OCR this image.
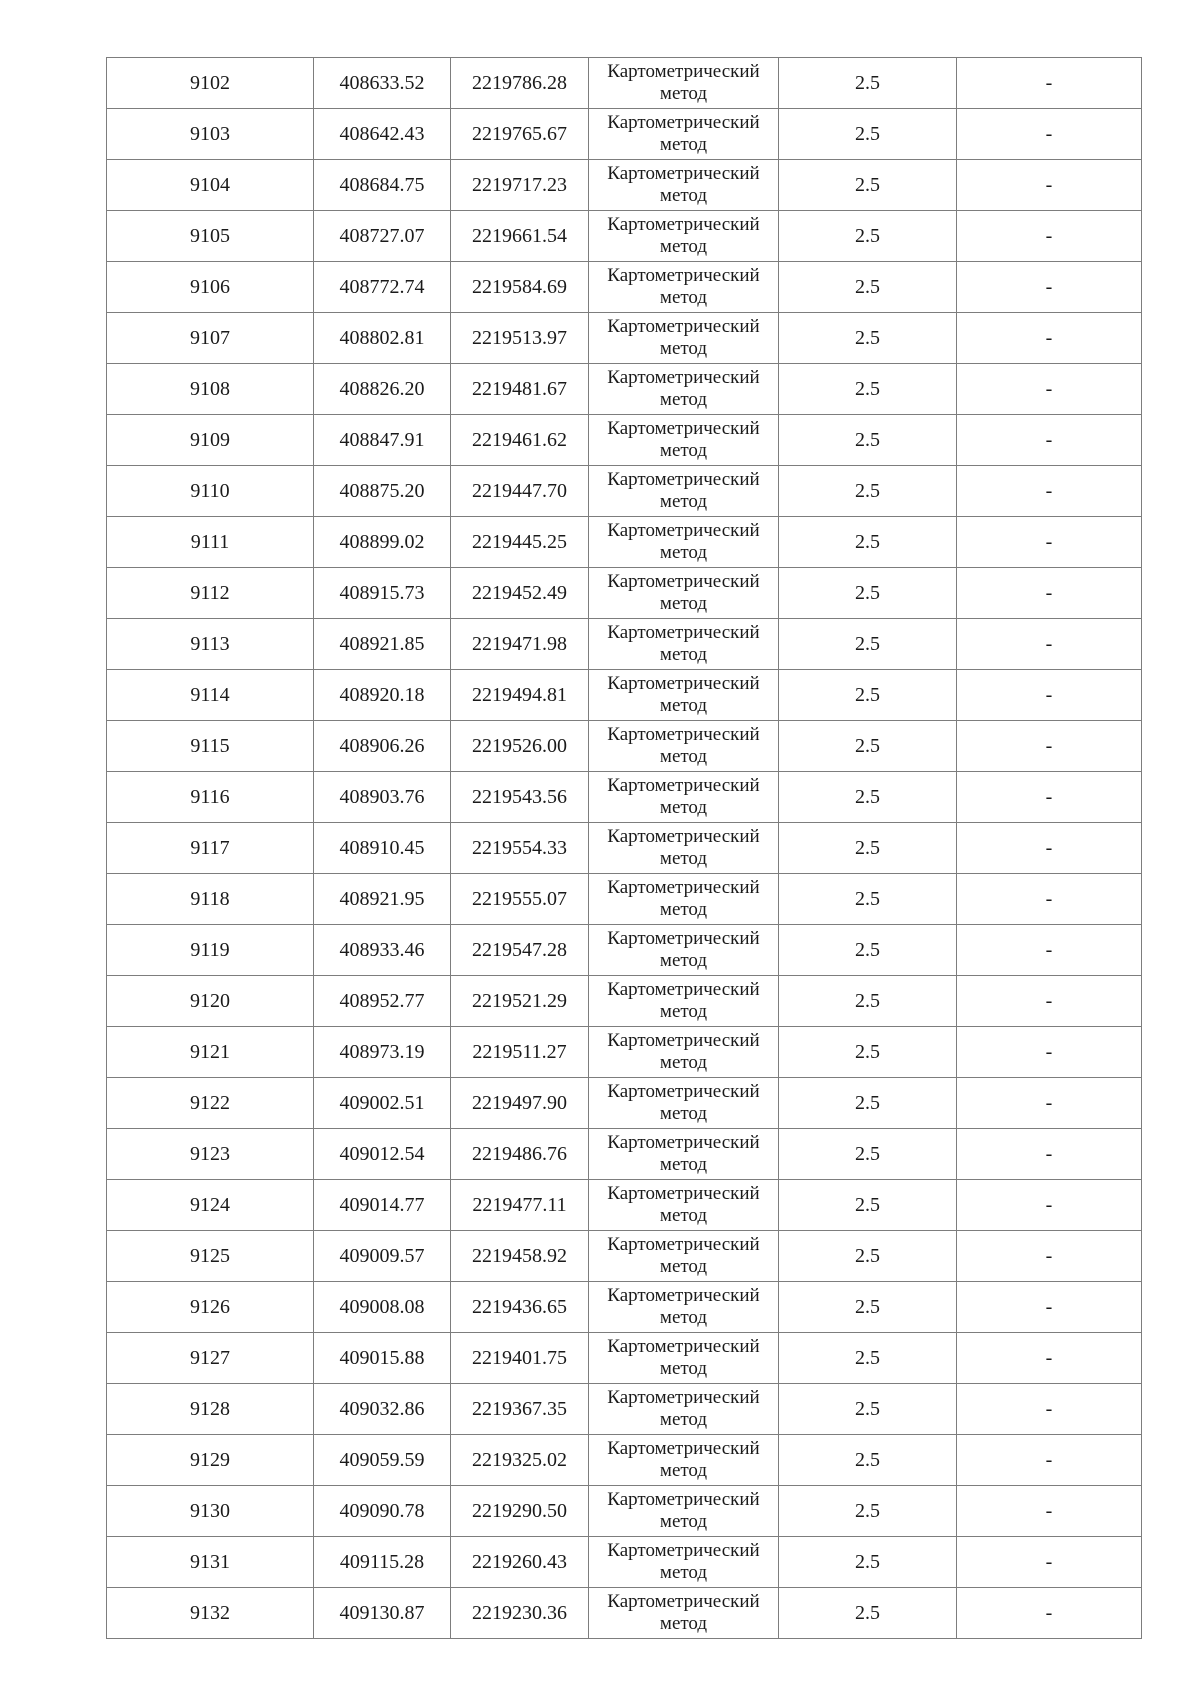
9102	408633.52	2219786.28	Картометрический
метод	2.5	-
9103	408642.43	2219765.67	Картометрический
метод	2.5	-
9104	408684.75	2219717.23	Картометрический
метод	2.5	-
9105	408727.07	2219661.54	Картометрический
метод	2.5	-
9106	408772.74	2219584.69	Картометрический
метод	2.5	-
9107	408802.81	2219513.97	Картометрический
метод	2.5	-
9108	408826.20	2219481.67	Картометрический
метод	2.5	-
9109	408847.91	2219461.62	Картометрический
метод	2.5	-
9110	408875.20	2219447.70	Картометрический
метод	2.5	-
9111	408899.02	2219445.25	Картометрический
метод	2.5	-
9112	408915.73	2219452.49	Картометрический
метод	2.5	-
9113	408921.85	2219471.98	Картометрический
метод	2.5	-
9114	408920.18	2219494.81	Картометрический
метод	2.5	-
9115	408906.26	2219526.00	Картометрический
метод	2.5	-
9116	408903.76	2219543.56	Картометрический
метод	2.5	-
9117	408910.45	2219554.33	Картометрический
метод	2.5	-
9118	408921.95	2219555.07	Картометрический
метод	2.5	-
9119	408933.46	2219547.28	Картометрический
метод	2.5	-
9120	408952.77	2219521.29	Картометрический
метод	2.5	-
9121	408973.19	2219511.27	Картометрический
метод	2.5	-
9122	409002.51	2219497.90	Картометрический
метод	2.5	-
9123	409012.54	2219486.76	Картометрический
метод	2.5	-
9124	409014.77	2219477.11	Картометрический
метод	2.5	-
9125	409009.57	2219458.92	Картометрический
метод	2.5	-
9126	409008.08	2219436.65	Картометрический
метод	2.5	-
9127	409015.88	2219401.75	Картометрический
метод	2.5	-
9128	409032.86	2219367.35	Картометрический
метод	2.5	-
9129	409059.59	2219325.02	Картометрический
метод	2.5	-
9130	409090.78	2219290.50	Картометрический
метод	2.5	-
9131	409115.28	2219260.43	Картометрический
метод	2.5	-
9132	409130.87	2219230.36	Картометрический
метод	2.5	-
